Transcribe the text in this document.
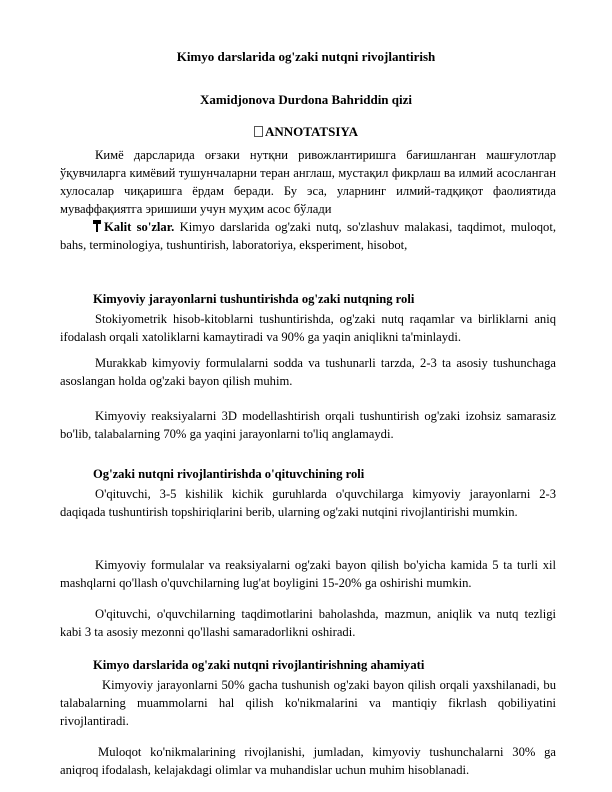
Kimyo darslarida og'zaki nutqni rivojlantirish
Xamidjonova Durdona Bahriddin qizi
ANNOTATSIYA
Кимё дарсларида оғзаки нутқни ривожлантиришга бағишланган машғулотлар ўқувчиларга кимёвий тушунчаларни теран англаш, мустақил фикрлаш ва илмий асосланган хулосалар чиқаришга ёрдам беради. Бу эса, уларнинг илмий-тадқиқот фаолиятида муваффақиятга эришиши учун муҳим асос бўлади
Kalit so'zlar. Kimyo darslarida og'zaki nutq, so'zlashuv malakasi, taqdimot, muloqot, bahs, terminologiya, tushuntirish, laboratoriya, eksperiment, hisobot,
Kimyoviy jarayonlarni tushuntirishda og'zaki nutqning roli
Stokiyometrik hisob-kitoblarni tushuntirishda, og'zaki nutq raqamlar va birliklarni aniq ifodalash orqali xatoliklarni kamaytiradi va 90% ga yaqin aniqlikni ta'minlaydi.
Murakkab kimyoviy formulalarni sodda va tushunarli tarzda, 2-3 ta asosiy tushunchaga asoslangan holda og'zaki bayon qilish muhim.
Kimyoviy reaksiyalarni 3D modellashtirish orqali tushuntirish og'zaki izohsiz samarasiz bo'lib, talabalarning 70% ga yaqini jarayonlarni to'liq anglamaydi.
Og'zaki nutqni rivojlantirishda o'qituvchining roli
O'qituvchi, 3-5 kishilik kichik guruhlarda o'quvchilarga kimyoviy jarayonlarni 2-3 daqiqada tushuntirish topshiriqlarini berib, ularning og'zaki nutqini rivojlantirishi mumkin.
Kimyoviy formulalar va reaksiyalarni og'zaki bayon qilish bo'yicha kamida 5 ta turli xil mashqlarni qo'llash o'quvchilarning lug'at boyligini 15-20% ga oshirishi mumkin.
O'qituvchi, o'quvchilarning taqdimotlarini baholashda, mazmun, aniqlik va nutq tezligi kabi 3 ta asosiy mezonni qo'llashi samaradorlikni oshiradi.
Kimyo darslarida og'zaki nutqni rivojlantirishning ahamiyati
Kimyoviy jarayonlarni 50% gacha tushunish og'zaki bayon qilish orqali yaxshilanadi, bu talabalarning muammolarni hal qilish ko'nikmalarini va mantiqiy fikrlash qobiliyatini rivojlantiradi.
Muloqot ko'nikmalarining rivojlanishi, jumladan, kimyoviy tushunchalarni 30% ga aniqroq ifodalash, kelajakdagi olimlar va muhandislar uchun muhim hisoblanadi.
